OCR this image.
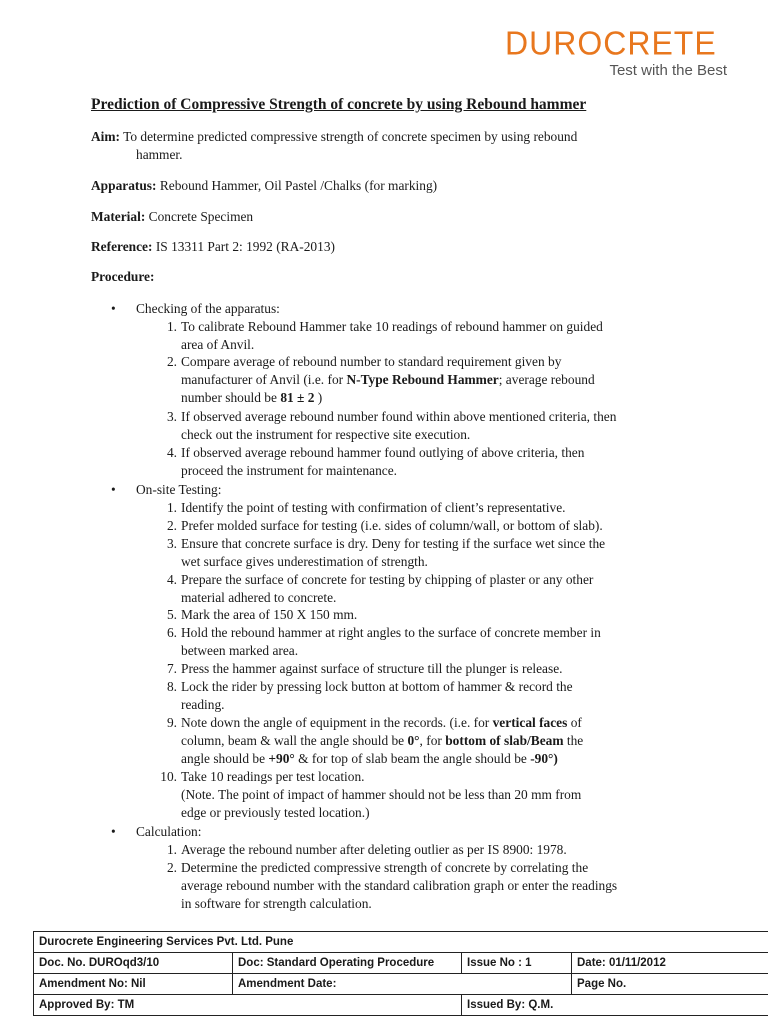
DUROCRETE
Test with the Best
Prediction of Compressive Strength of concrete by using Rebound hammer
Aim: To determine predicted compressive strength of concrete specimen by using rebound
hammer.
Apparatus: Rebound Hammer, Oil Pastel /Chalks (for marking)
Material: Concrete Specimen
Reference: IS 13311 Part 2: 1992 (RA-2013)
Procedure:
• Checking of the apparatus:
1. To calibrate Rebound Hammer take 10 readings of rebound hammer on guided
area of Anvil.
2. Compare average of rebound number to standard requirement given by
manufacturer of Anvil (i.e. for N-Type Rebound Hammer; average rebound
number should be 81 ± 2 )
3. If observed average rebound number found within above mentioned criteria, then
check out the instrument for respective site execution.
4. If observed average rebound hammer found outlying of above criteria, then
proceed the instrument for maintenance.
• On-site Testing:
1. Identify the point of testing with confirmation of client’s representative.
2. Prefer molded surface for testing (i.e. sides of column/wall, or bottom of slab).
3. Ensure that concrete surface is dry. Deny for testing if the surface wet since the
wet surface gives underestimation of strength.
4. Prepare the surface of concrete for testing by chipping of plaster or any other
material adhered to concrete.
5. Mark the area of 150 X 150 mm.
6. Hold the rebound hammer at right angles to the surface of concrete member in
between marked area.
7. Press the hammer against surface of structure till the plunger is release.
8. Lock the rider by pressing lock button at bottom of hammer & record the
reading.
9. Note down the angle of equipment in the records. (i.e. for vertical faces of
column, beam & wall the angle should be 0°, for bottom of slab/Beam the
angle should be +90° & for top of slab beam the angle should be -90°)
10. Take 10 readings per test location.
(Note. The point of impact of hammer should not be less than 20 mm from
edge or previously tested location.)
• Calculation:
1. Average the rebound number after deleting outlier as per IS 8900: 1978.
2. Determine the predicted compressive strength of concrete by correlating the
average rebound number with the standard calibration graph or enter the readings
in software for strength calculation.
Durocrete Engineering Services Pvt. Ltd. Pune			
Doc. No. DUROqd3/10	Doc: Standard Operating Procedure	Issue No : 1	Date: 01/11/2012
Amendment No: Nil	Amendment Date:		Page No.
Approved By: TM		Issued By: Q.M.	
